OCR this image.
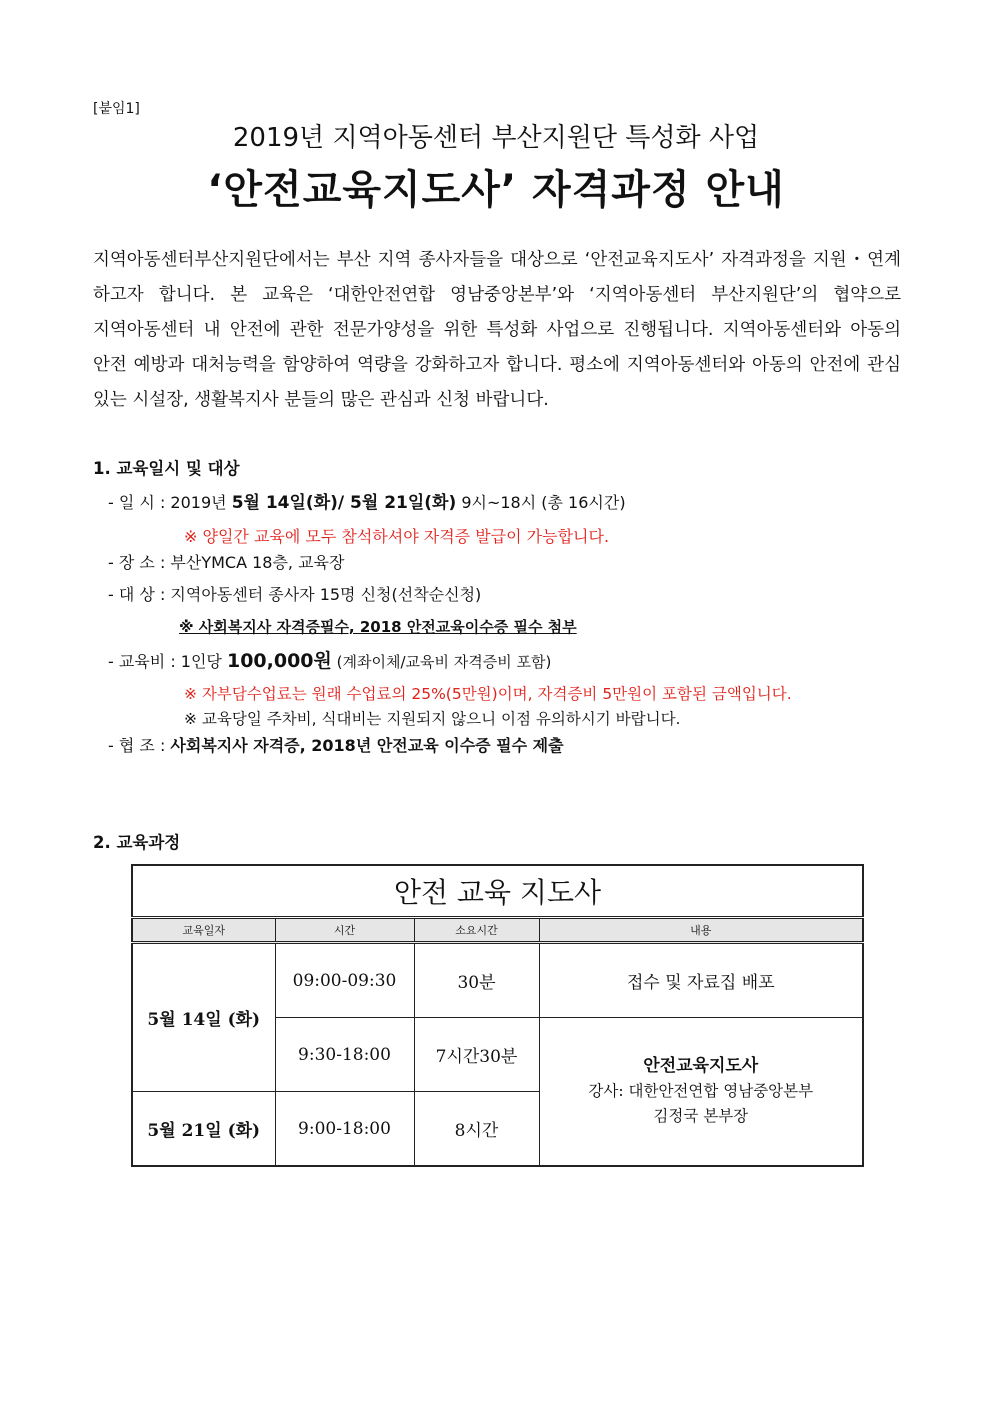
[붙임1]
2019년 지역아동센터 부산지원단 특성화 사업
‘안전교육지도사’ 자격과정 안내
지역아동센터부산지원단에서는 부산 지역 종사자들을 대상으로 ‘안전교육지도사’ 자격과정을 지원・연계 하고자 합니다. 본 교육은 ‘대한안전연합 영남중앙본부’와 ‘지역아동센터 부산지원단’의 협약으로 지역아동센터 내 안전에 관한 전문가양성을 위한 특성화 사업으로 진행됩니다. 지역아동센터와 아동의 안전 예방과 대처능력을 함양하여 역량을 강화하고자 합니다. 평소에 지역아동센터와 아동의 안전에 관심 있는 시설장, 생활복지사 분들의 많은 관심과 신청 바랍니다.
1. 교육일시 및 대상
- 일 시 : 2019년 5월 14일(화)/ 5월 21일(화) 9시~18시 (총 16시간)
※ 양일간 교육에 모두 참석하셔야 자격증 발급이 가능합니다.
- 장 소 : 부산YMCA 18층, 교육장
- 대 상 : 지역아동센터 종사자 15명 신청(선착순신청)
※ 사회복지사 자격증필수, 2018 안전교육이수증 필수 첨부
- 교육비 : 1인당 100,000원 (계좌이체/교육비 자격증비 포함)
※ 자부담수업료는 원래 수업료의 25%(5만원)이며, 자격증비 5만원이 포함된 금액입니다.
※ 교육당일 주차비, 식대비는 지원되지 않으니 이점 유의하시기 바랍니다.
- 협 조 : 사회복지사 자격증, 2018년 안전교육 이수증 필수 제출
2. 교육과정
안전 교육 지도사			
교육일자	시간	소요시간	내용
5월 14일 (화)	09:00-09:30	30분	접수 및 자료집 배포
	9:30-18:00	7시간30분	안전교육지도사
강사: 대한안전연합 영남중앙본부
김정국 본부장

5월 21일 (화)	9:00-18:00	8시간	
